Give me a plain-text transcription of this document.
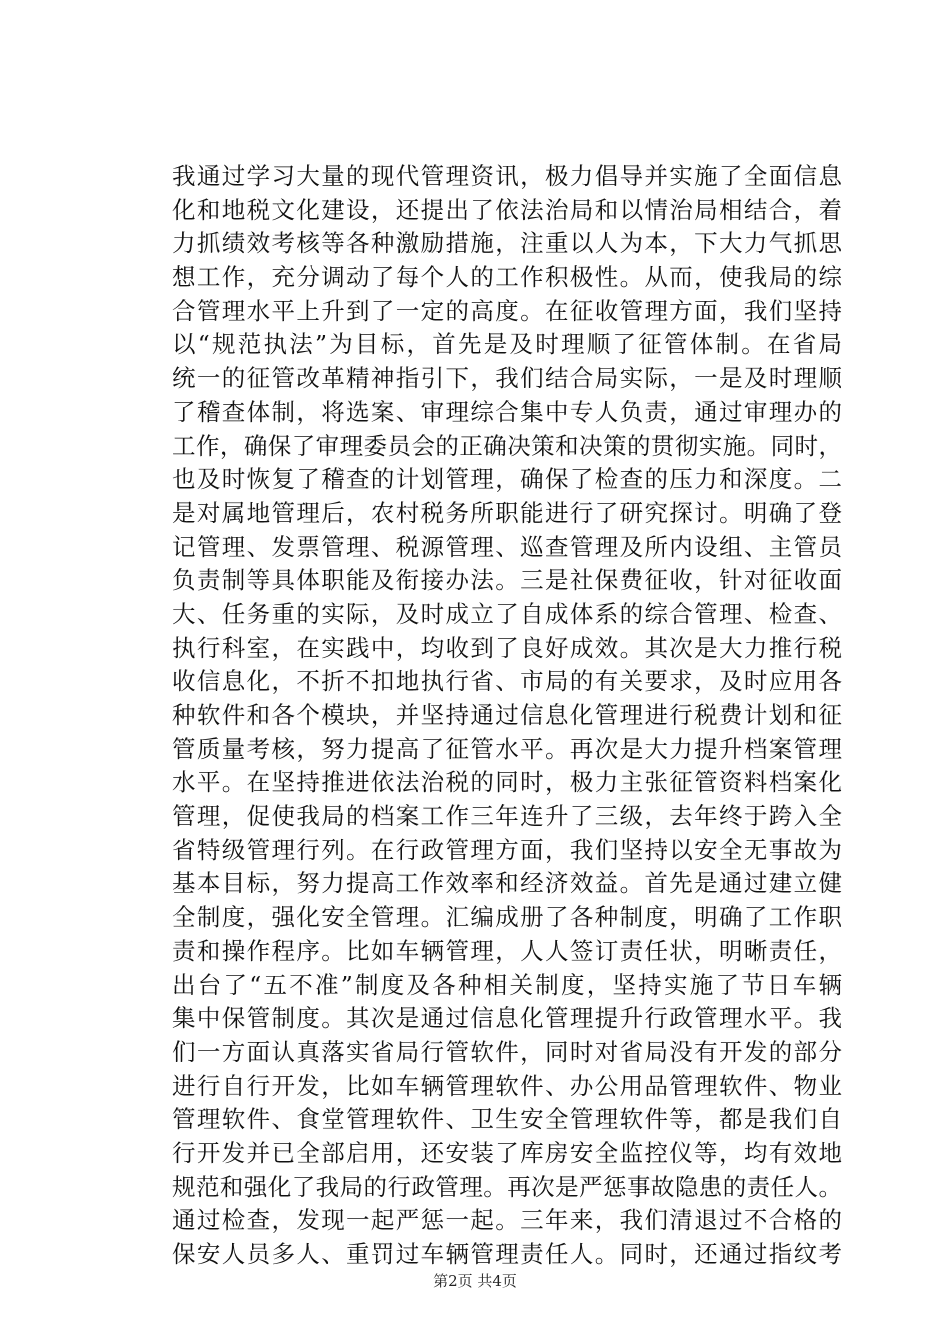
我通过学习大量的现代管理资讯，极力倡导并实施了全面信息
化和地税文化建设，还提出了依法治局和以情治局相结合，着
力抓绩效考核等各种激励措施，注重以人为本，下大力气抓思
想工作，充分调动了每个人的工作积极性。从而，使我局的综
合管理水平上升到了一定的高度。在征收管理方面，我们坚持
以“规范执法”为目标，首先是及时理顺了征管体制。在省局
统一的征管改革精神指引下，我们结合局实际，一是及时理顺
了稽查体制，将选案、审理综合集中专人负责，通过审理办的
工作，确保了审理委员会的正确决策和决策的贯彻实施。同时，
也及时恢复了稽查的计划管理，确保了检查的压力和深度。二
是对属地管理后，农村税务所职能进行了研究探讨。明确了登
记管理、发票管理、税源管理、巡查管理及所内设组、主管员
负责制等具体职能及衔接办法。三是社保费征收，针对征收面
大、任务重的实际，及时成立了自成体系的综合管理、检查、
执行科室，在实践中，均收到了良好成效。其次是大力推行税
收信息化，不折不扣地执行省、市局的有关要求，及时应用各
种软件和各个模块，并坚持通过信息化管理进行税费计划和征
管质量考核，努力提高了征管水平。再次是大力提升档案管理
水平。在坚持推进依法治税的同时，极力主张征管资料档案化
管理，促使我局的档案工作三年连升了三级，去年终于跨入全
省特级管理行列。在行政管理方面，我们坚持以安全无事故为
基本目标，努力提高工作效率和经济效益。首先是通过建立健
全制度，强化安全管理。汇编成册了各种制度，明确了工作职
责和操作程序。比如车辆管理，人人签订责任状，明晰责任，
出台了“五不准”制度及各种相关制度，坚持实施了节日车辆
集中保管制度。其次是通过信息化管理提升行政管理水平。我
们一方面认真落实省局行管软件，同时对省局没有开发的部分
进行自行开发，比如车辆管理软件、办公用品管理软件、物业
管理软件、食堂管理软件、卫生安全管理软件等，都是我们自
行开发并已全部启用，还安装了库房安全监控仪等，均有效地
规范和强化了我局的行政管理。再次是严惩事故隐患的责任人。
通过检查，发现一起严惩一起。三年来，我们清退过不合格的
保安人员多人、重罚过车辆管理责任人。同时，还通过指纹考
第2页 共4页
